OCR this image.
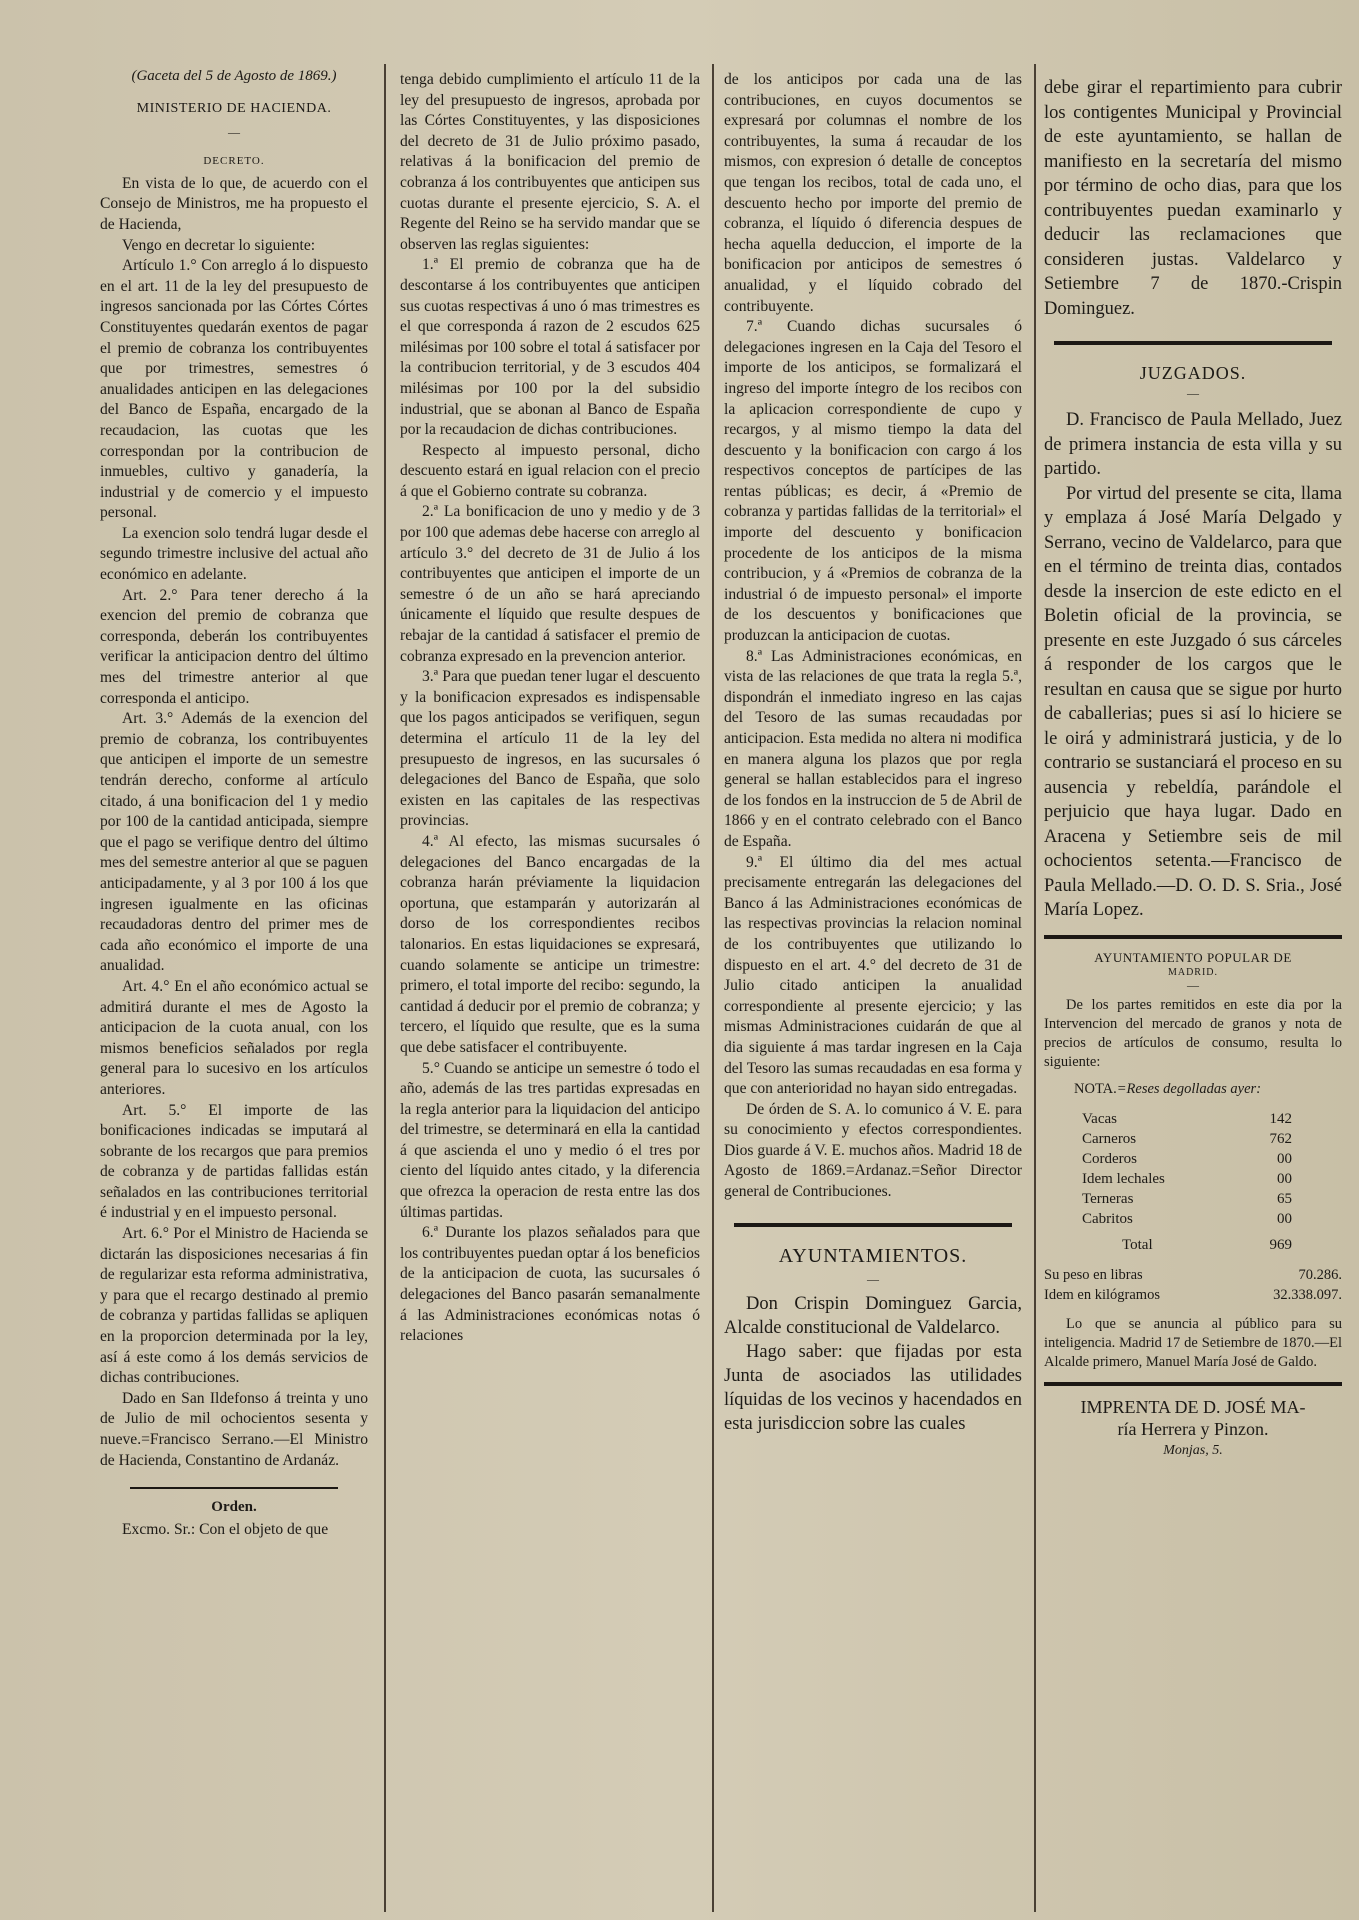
(Gaceta del 5 de Agosto de 1869.)

MINISTERIO DE HACIENDA.

—

DECRETO.

En vista de lo que, de acuerdo con el Consejo de Ministros, me ha propuesto el de Hacienda,

Vengo en decretar lo siguiente:

Artículo 1.° Con arreglo á lo dispuesto en el art. 11 de la ley del presupuesto de ingresos sancionada por las Córtes Córtes Constituyentes quedarán exentos de pagar el premio de cobranza los contribuyentes que por trimestres, semestres ó anualidades anticipen en las delegaciones del Banco de España, encargado de la recaudacion, las cuotas que les correspondan por la contribucion de inmuebles, cultivo y ganadería, la industrial y de comercio y el impuesto personal.

La exencion solo tendrá lugar desde el segundo trimestre inclusive del actual año económico en adelante.

Art. 2.° Para tener derecho á la exencion del premio de cobranza que corresponda, deberán los contribuyentes verificar la anticipacion dentro del último mes del trimestre anterior al que corresponda el anticipo.

Art. 3.° Además de la exencion del premio de cobranza, los contribuyentes que anticipen el importe de un semestre tendrán derecho, conforme al artículo citado, á una bonificacion del 1 y medio por 100 de la cantidad anticipada, siempre que el pago se verifique dentro del último mes del semestre anterior al que se paguen anticipadamente, y al 3 por 100 á los que ingresen igualmente en las oficinas recaudadoras dentro del primer mes de cada año económico el importe de una anualidad.

Art. 4.° En el año económico actual se admitirá durante el mes de Agosto la anticipacion de la cuota anual, con los mismos beneficios señalados por regla general para lo sucesivo en los artículos anteriores.

Art. 5.° El importe de las bonificaciones indicadas se imputará al sobrante de los recargos que para premios de cobranza y de partidas fallidas están señalados en las contribuciones territorial é industrial y en el impuesto personal.

Art. 6.° Por el Ministro de Hacienda se dictarán las disposiciones necesarias á fin de regularizar esta reforma administrativa, y para que el recargo destinado al premio de cobranza y partidas fallidas se apliquen en la proporcion determinada por la ley, así á este como á los demás servicios de dichas contribuciones.

Dado en San Ildefonso á treinta y uno de Julio de mil ochocientos sesenta y nueve.=Francisco Serrano.—El Ministro de Hacienda, Constantino de Ardanáz.

Orden.

Excmo. Sr.: Con el objeto de que

tenga debido cumplimiento el artículo 11 de la ley del presupuesto de ingresos, aprobada por las Córtes Constituyentes, y las disposiciones del decreto de 31 de Julio próximo pasado, relativas á la bonificacion del premio de cobranza á los contribuyentes que anticipen sus cuotas durante el presente ejercicio, S. A. el Regente del Reino se ha servido mandar que se observen las reglas siguientes:

1.ª El premio de cobranza que ha de descontarse á los contribuyentes que anticipen sus cuotas respectivas á uno ó mas trimestres es el que corresponda á razon de 2 escudos 625 milésimas por 100 sobre el total á satisfacer por la contribucion territorial, y de 3 escudos 404 milésimas por 100 por la del subsidio industrial, que se abonan al Banco de España por la recaudacion de dichas contribuciones.

Respecto al impuesto personal, dicho descuento estará en igual relacion con el precio á que el Gobierno contrate su cobranza.

2.ª La bonificacion de uno y medio y de 3 por 100 que ademas debe hacerse con arreglo al artículo 3.° del decreto de 31 de Julio á los contribuyentes que anticipen el importe de un semestre ó de un año se hará apreciando únicamente el líquido que resulte despues de rebajar de la cantidad á satisfacer el premio de cobranza expresado en la prevencion anterior.

3.ª Para que puedan tener lugar el descuento y la bonificacion expresados es indispensable que los pagos anticipados se verifiquen, segun determina el artículo 11 de la ley del presupuesto de ingresos, en las sucursales ó delegaciones del Banco de España, que solo existen en las capitales de las respectivas provincias.

4.ª Al efecto, las mismas sucursales ó delegaciones del Banco encargadas de la cobranza harán préviamente la liquidacion oportuna, que estamparán y autorizarán al dorso de los correspondientes recibos talonarios. En estas liquidaciones se expresará, cuando solamente se anticipe un trimestre: primero, el total importe del recibo: segundo, la cantidad á deducir por el premio de cobranza; y tercero, el líquido que resulte, que es la suma que debe satisfacer el contribuyente.

5.° Cuando se anticipe un semestre ó todo el año, además de las tres partidas expresadas en la regla anterior para la liquidacion del anticipo del trimestre, se determinará en ella la cantidad á que ascienda el uno y medio ó el tres por ciento del líquido antes citado, y la diferencia que ofrezca la operacion de resta entre las dos últimas partidas.

6.ª Durante los plazos señalados para que los contribuyentes puedan optar á los beneficios de la anticipacion de cuota, las sucursales ó delegaciones del Banco pasarán semanalmente á las Administraciones económicas notas ó relaciones

de los anticipos por cada una de las contribuciones, en cuyos documentos se expresará por columnas el nombre de los contribuyentes, la suma á recaudar de los mismos, con expresion ó detalle de conceptos que tengan los recibos, total de cada uno, el descuento hecho por importe del premio de cobranza, el líquido ó diferencia despues de hecha aquella deduccion, el importe de la bonificacion por anticipos de semestres ó anualidad, y el líquido cobrado del contribuyente.

7.ª Cuando dichas sucursales ó delegaciones ingresen en la Caja del Tesoro el importe de los anticipos, se formalizará el ingreso del importe íntegro de los recibos con la aplicacion correspondiente de cupo y recargos, y al mismo tiempo la data del descuento y la bonificacion con cargo á los respectivos conceptos de partícipes de las rentas públicas; es decir, á «Premio de cobranza y partidas fallidas de la territorial» el importe del descuento y bonificacion procedente de los anticipos de la misma contribucion, y á «Premios de cobranza de la industrial ó de impuesto personal» el importe de los descuentos y bonificaciones que produzcan la anticipacion de cuotas.

8.ª Las Administraciones económicas, en vista de las relaciones de que trata la regla 5.ª, dispondrán el inmediato ingreso en las cajas del Tesoro de las sumas recaudadas por anticipacion. Esta medida no altera ni modifica en manera alguna los plazos que por regla general se hallan establecidos para el ingreso de los fondos en la instruccion de 5 de Abril de 1866 y en el contrato celebrado con el Banco de España.

9.ª El último dia del mes actual precisamente entregarán las delegaciones del Banco á las Administraciones económicas de las respectivas provincias la relacion nominal de los contribuyentes que utilizando lo dispuesto en el art. 4.° del decreto de 31 de Julio citado anticipen la anualidad correspondiente al presente ejercicio; y las mismas Administraciones cuidarán de que al dia siguiente á mas tardar ingresen en la Caja del Tesoro las sumas recaudadas en esa forma y que con anterioridad no hayan sido entregadas.

De órden de S. A. lo comunico á V. E. para su conocimiento y efectos correspondientes. Dios guarde á V. E. muchos años. Madrid 18 de Agosto de 1869.=Ardanaz.=Señor Director general de Contribuciones.

AYUNTAMIENTOS.

—

Don Crispin Dominguez Garcia, Alcalde constitucional de Valdelarco.

Hago saber: que fijadas por esta Junta de asociados las utilidades líquidas de los vecinos y hacendados en esta jurisdiccion sobre las cuales

debe girar el repartimiento para cubrir los contigentes Municipal y Provincial de este ayuntamiento, se hallan de manifiesto en la secretaría del mismo por término de ocho dias, para que los contribuyentes puedan examinarlo y deducir las reclamaciones que consideren justas. Valdelarco y Setiembre 7 de 1870.-Crispin Dominguez.

JUZGADOS.

—

D. Francisco de Paula Mellado, Juez de primera instancia de esta villa y su partido.

Por virtud del presente se cita, llama y emplaza á José María Delgado y Serrano, vecino de Valdelarco, para que en el término de treinta dias, contados desde la insercion de este edicto en el Boletin oficial de la provincia, se presente en este Juzgado ó sus cárceles á responder de los cargos que le resultan en causa que se sigue por hurto de caballerias; pues si así lo hiciere se le oirá y administrará justicia, y de lo contrario se sustanciará el proceso en su ausencia y rebeldía, parándole el perjuicio que haya lugar. Dado en Aracena y Setiembre seis de mil ochocientos setenta.—Francisco de Paula Mellado.—D. O. D. S. Sria., José María Lopez.

AYUNTAMIENTO POPULAR DE

MADRID.

—

De los partes remitidos en este dia por la Intervencion del mercado de granos y nota de precios de artículos de consumo, resulta lo siguiente:

NOTA.=Reses degolladas ayer:

Vacas	142
Carneros	762
Corderos	00
Idem lechales	00
Terneras	65
Cabritos	00
Total	969
Su peso en libras	70.286.
Idem en kilógramos	32.338.097.

Lo que se anuncia al público para su inteligencia. Madrid 17 de Setiembre de 1870.—El Alcalde primero, Manuel María José de Galdo.

IMPRENTA DE D. JOSÉ MA-
ría Herrera y Pinzon.
Monjas, 5.
